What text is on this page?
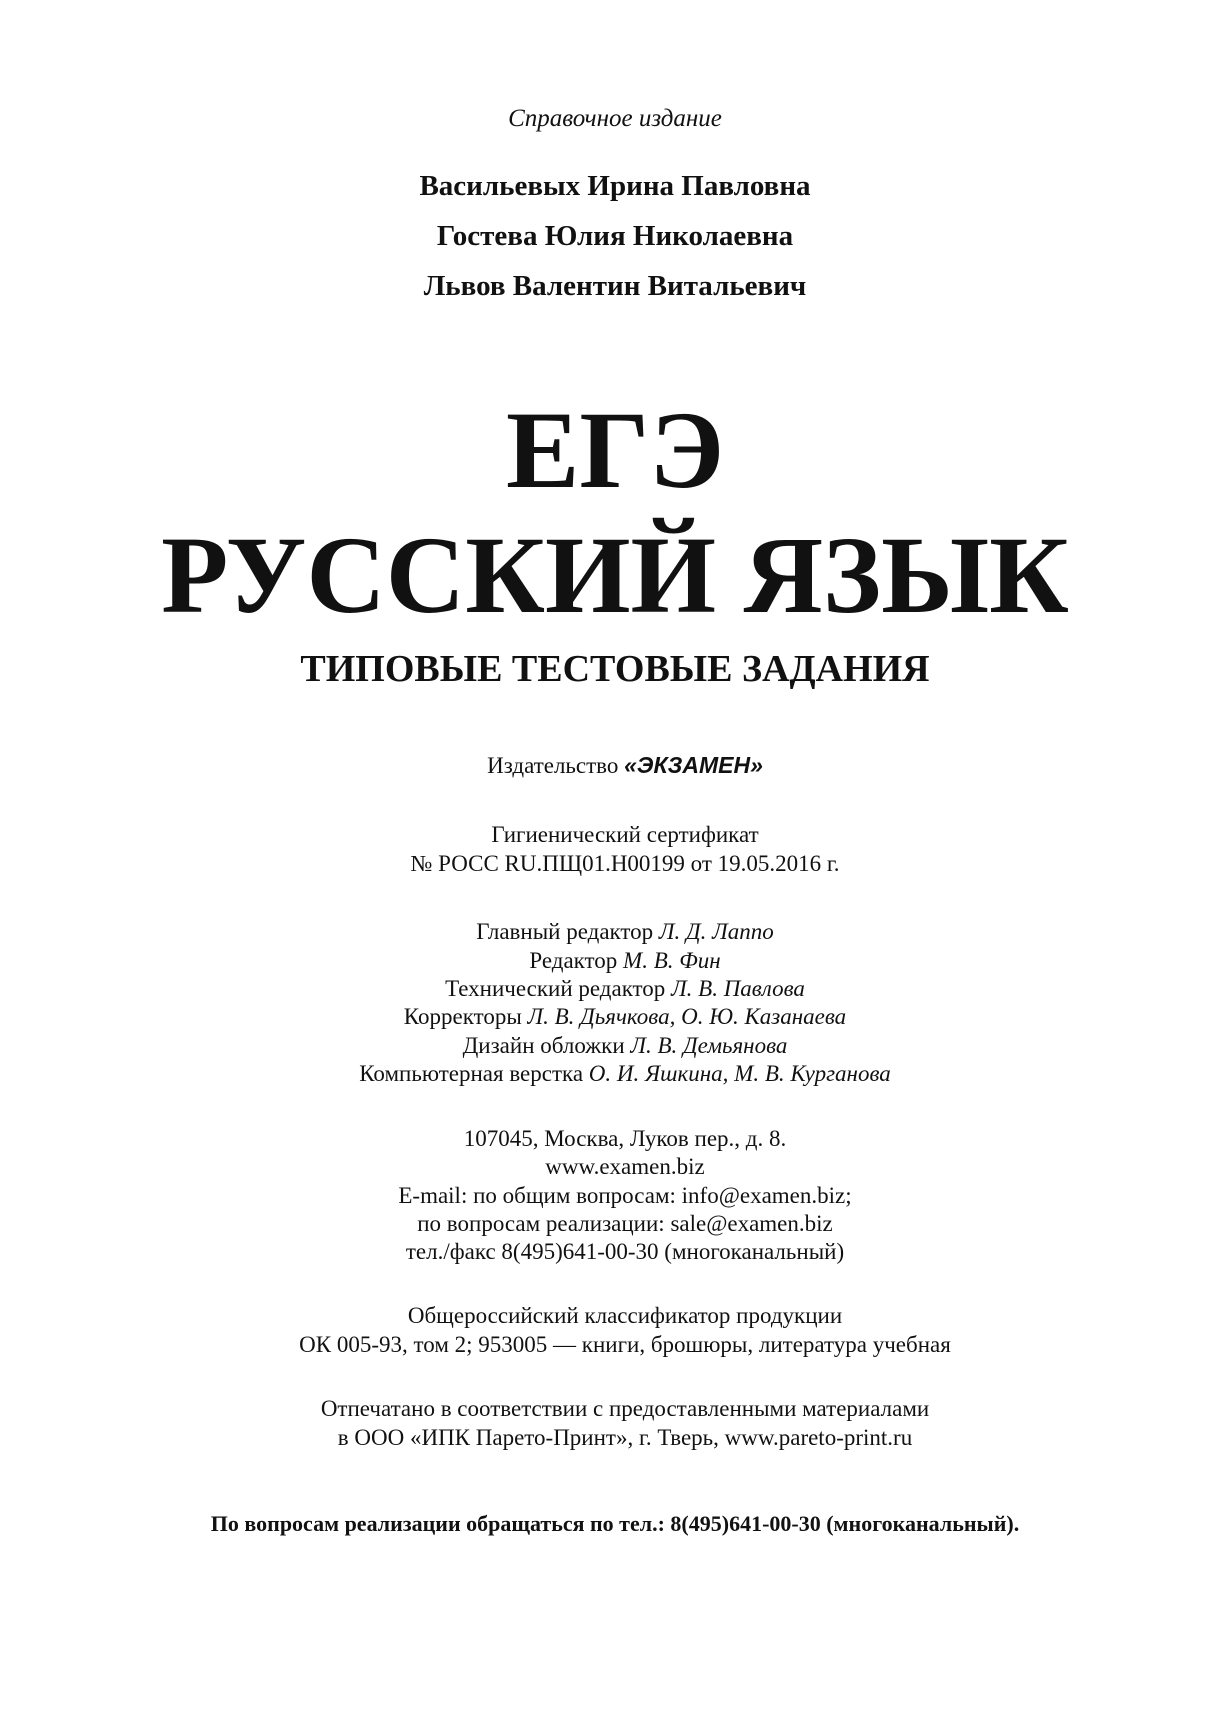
Справочное издание
Васильевых Ирина Павловна
Гостева Юлия Николаевна
Львов Валентин Витальевич
ЕГЭ
РУССКИЙ ЯЗЫК
ТИПОВЫЕ ТЕСТОВЫЕ ЗАДАНИЯ
Издательство «ЭКЗАМЕН»
Гигиенический сертификат
№ РОСС RU.ПЩ01.Н00199 от 19.05.2016 г.
Главный редактор Л. Д. Лаппо
Редактор М. В. Фин
Технический редактор Л. В. Павлова
Корректоры Л. В. Дьячкова, О. Ю. Казанаева
Дизайн обложки Л. В. Демьянова
Компьютерная верстка О. И. Яшкина, М. В. Курганова
107045, Москва, Луков пер., д. 8.
www.examen.biz
E-mail: по общим вопросам: info@examen.biz;
по вопросам реализации: sale@examen.biz
тел./факс 8(495)641-00-30 (многоканальный)
Общероссийский классификатор продукции
ОК 005-93, том 2; 953005 — книги, брошюры, литература учебная
Отпечатано в соответствии с предоставленными материалами
в ООО «ИПК Парето-Принт», г. Тверь, www.pareto-print.ru
По вопросам реализации обращаться по тел.: 8(495)641-00-30 (многоканальный).
